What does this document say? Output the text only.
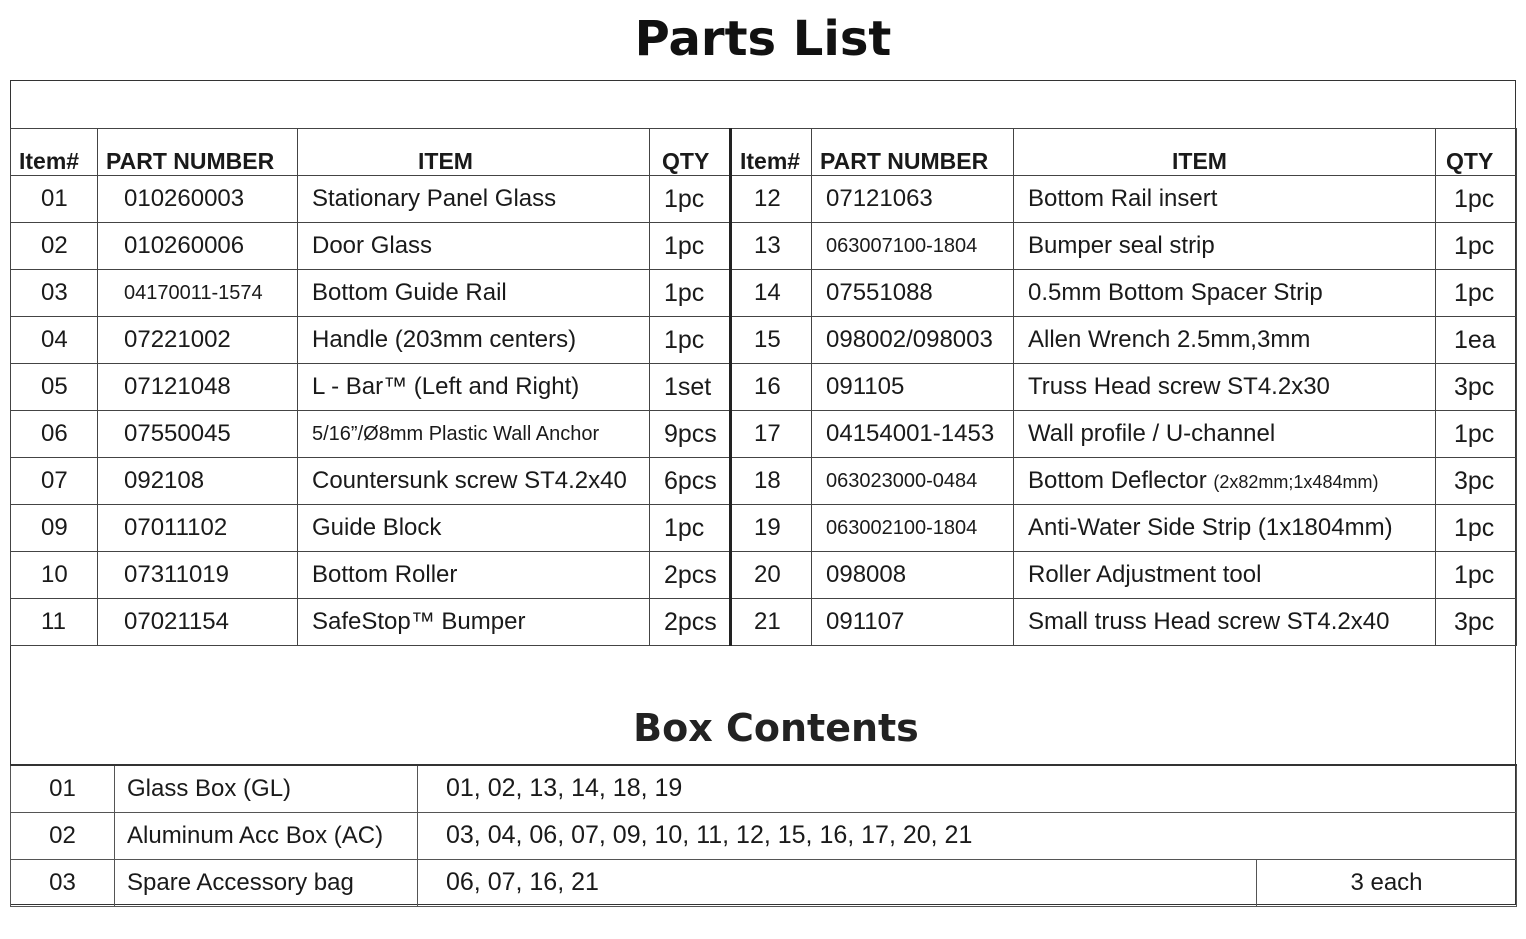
Parts List
Item#	PART NUMBER	ITEM	QTY	Item#	PART NUMBER	ITEM	QTY
01	010260003	Stationary Panel Glass	1pc	12	07121063	Bottom Rail insert	1pc
02	010260006	Door Glass	1pc	13	063007100-1804	Bumper seal strip	1pc
03	04170011-1574	Bottom Guide Rail	1pc	14	07551088	0.5mm Bottom Spacer Strip	1pc
04	07221002	Handle (203mm centers)	1pc	15	098002/098003	Allen Wrench 2.5mm,3mm	1ea
05	07121048	L - Bar™ (Left and Right)	1set	16	091105	Truss Head screw ST4.2x30	3pc
06	07550045	5/16”/Ø8mm Plastic Wall Anchor	9pcs	17	04154001-1453	Wall profile / U-channel	1pc
07	092108	Countersunk screw ST4.2x40	6pcs	18	063023000-0484	Bottom Deflector (2x82mm;1x484mm)	3pc
09	07011102	Guide Block	1pc	19	063002100-1804	Anti-Water Side Strip (1x1804mm)	1pc
10	07311019	Bottom Roller	2pcs	20	098008	Roller Adjustment tool	1pc
11	07021154	SafeStop™ Bumper	2pcs	21	091107	Small truss Head screw ST4.2x40	3pc
Box Contents
01	Glass Box (GL)	01, 02, 13, 14, 18, 19	
02	Aluminum Acc Box (AC)	03, 04, 06, 07, 09, 10, 11, 12, 15, 16, 17, 20, 21	
03	Spare Accessory bag	06, 07, 16, 21	3 each
